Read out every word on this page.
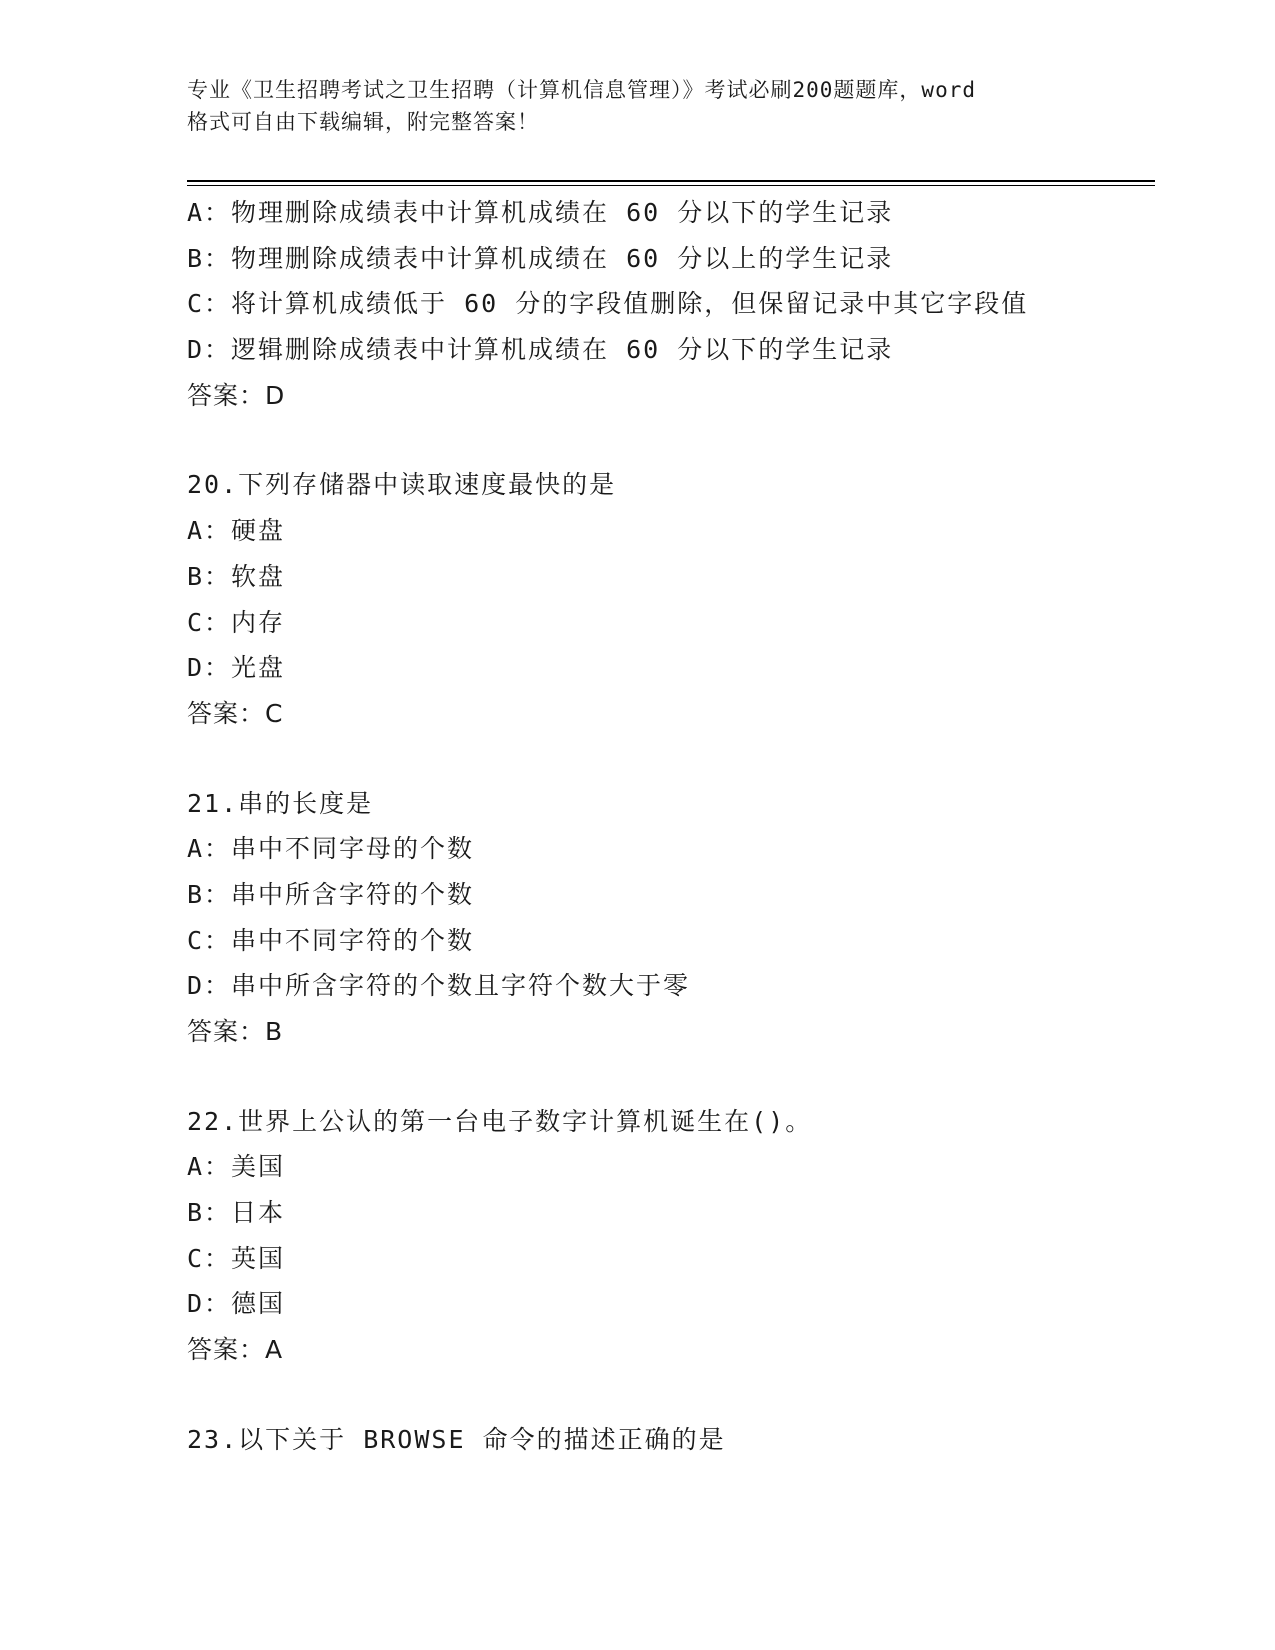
专业《卫生招聘考试之卫生招聘（计算机信息管理）》考试必刷200题题库，word

格式可自由下载编辑，附完整答案！

A：物理删除成绩表中计算机成绩在 60 分以下的学生记录
B：物理删除成绩表中计算机成绩在 60 分以上的学生记录
C：将计算机成绩低于 60 分的字段值删除，但保留记录中其它字段值
D：逻辑删除成绩表中计算机成绩在 60 分以下的学生记录
答案：D
20.下列存储器中读取速度最快的是
A：硬盘
B：软盘
C：内存
D：光盘
答案：C
21.串的长度是
A：串中不同字母的个数
B：串中所含字符的个数
C：串中不同字符的个数
D：串中所含字符的个数且字符个数大于零
答案：B
22.世界上公认的第一台电子数字计算机诞生在()。
A：美国
B：日本
C：英国
D：德国
答案：A
23.以下关于 BROWSE 命令的描述正确的是
